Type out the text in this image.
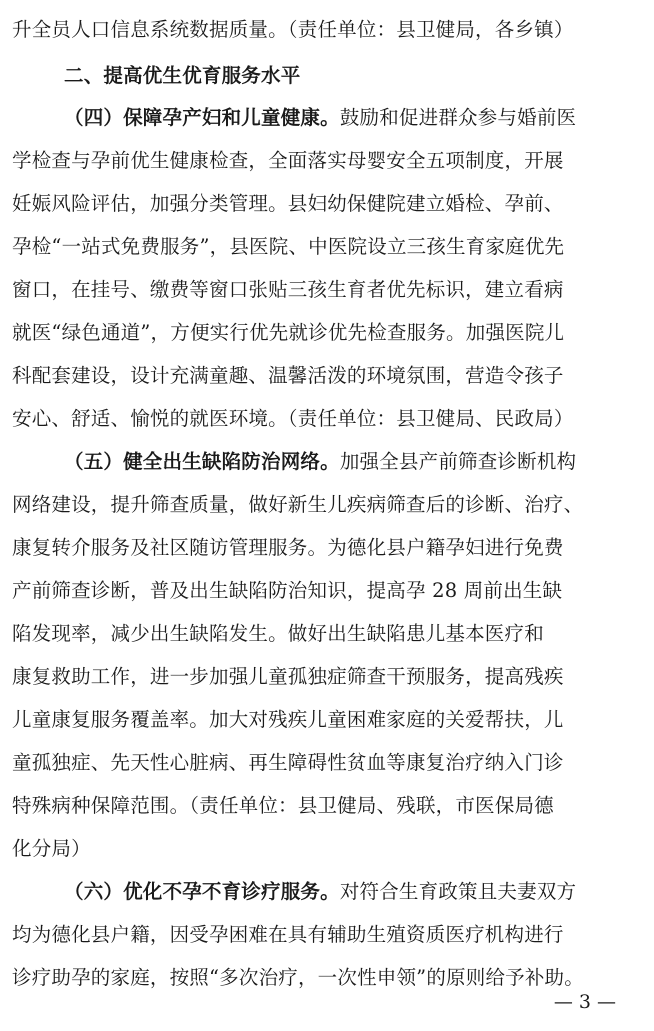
升全员人口信息系统数据质量。（责任单位：县卫健局，各乡镇）
二、提高优生优育服务水平
（四）保障孕产妇和儿童健康。鼓励和促进群众参与婚前医
学检查与孕前优生健康检查，全面落实母婴安全五项制度，开展
妊娠风险评估，加强分类管理。县妇幼保健院建立婚检、孕前、
孕检“一站式免费服务”，县医院、中医院设立三孩生育家庭优先
窗口，在挂号、缴费等窗口张贴三孩生育者优先标识，建立看病
就医“绿色通道”，方便实行优先就诊优先检查服务。加强医院儿
科配套建设，设计充满童趣、温馨活泼的环境氛围，营造令孩子
安心、舒适、愉悦的就医环境。（责任单位：县卫健局、民政局）
（五）健全出生缺陷防治网络。加强全县产前筛查诊断机构
网络建设，提升筛查质量，做好新生儿疾病筛查后的诊断、治疗、
康复转介服务及社区随访管理服务。为德化县户籍孕妇进行免费
产前筛查诊断，普及出生缺陷防治知识，提高孕 28 周前出生缺
陷发现率，减少出生缺陷发生。做好出生缺陷患儿基本医疗和
康复救助工作，进一步加强儿童孤独症筛查干预服务，提高残疾
儿童康复服务覆盖率。加大对残疾儿童困难家庭的关爱帮扶，儿
童孤独症、先天性心脏病、再生障碍性贫血等康复治疗纳入门诊
特殊病种保障范围。（责任单位：县卫健局、残联，市医保局德
化分局）
（六）优化不孕不育诊疗服务。对符合生育政策且夫妻双方
均为德化县户籍，因受孕困难在具有辅助生殖资质医疗机构进行
诊疗助孕的家庭，按照“多次治疗，一次性申领”的原则给予补助。
— 3 —
